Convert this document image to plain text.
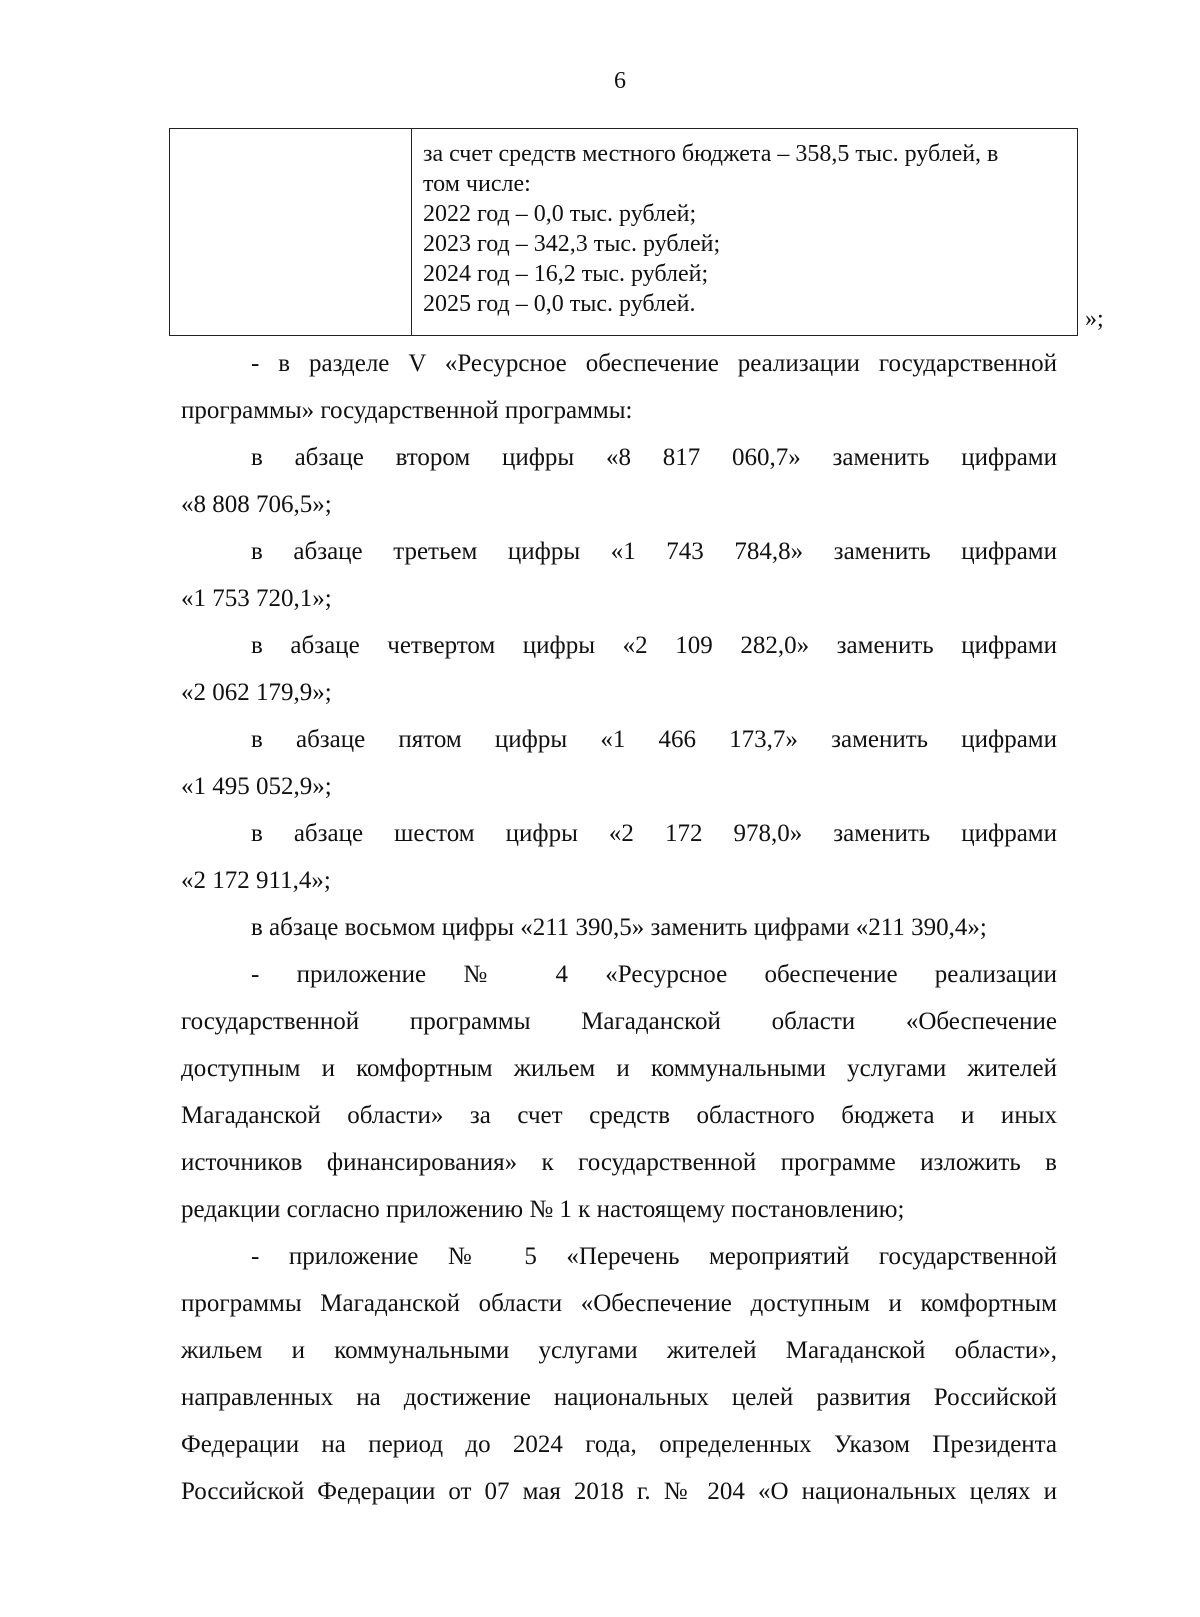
6
за счет средств местного бюджета – 358,5 тыс. рублей, в
том числе:
2022 год – 0,0 тыс. рублей;
2023 год – 342,3 тыс. рублей;
2024 год – 16,2 тыс. рублей;
2025 год – 0,0 тыс. рублей.
»;
- в разделе V «Ресурсное обеспечение реализации государственной
программы» государственной программы:
в абзаце втором цифры «8 817 060,7» заменить цифрами
«8 808 706,5»;
в абзаце третьем цифры «1 743 784,8» заменить цифрами
«1 753 720,1»;
в абзаце четвертом цифры «2 109 282,0» заменить цифрами
«2 062 179,9»;
в абзаце пятом цифры «1 466 173,7» заменить цифрами
«1 495 052,9»;
в абзаце шестом цифры «2 172 978,0» заменить цифрами
«2 172 911,4»;
в абзаце восьмом цифры «211 390,5» заменить цифрами «211 390,4»;
- приложение № 4 «Ресурсное обеспечение реализации
государственной программы Магаданской области «Обеспечение
доступным и комфортным жильем и коммунальными услугами жителей
Магаданской области» за счет средств областного бюджета и иных
источников финансирования» к государственной программе изложить в
редакции согласно приложению № 1 к настоящему постановлению;
- приложение № 5 «Перечень мероприятий государственной
программы Магаданской области «Обеспечение доступным и комфортным
жильем и коммунальными услугами жителей Магаданской области»,
направленных на достижение национальных целей развития Российской
Федерации на период до 2024 года, определенных Указом Президента
Российской Федерации от 07 мая 2018 г. № 204 «О национальных целях и
